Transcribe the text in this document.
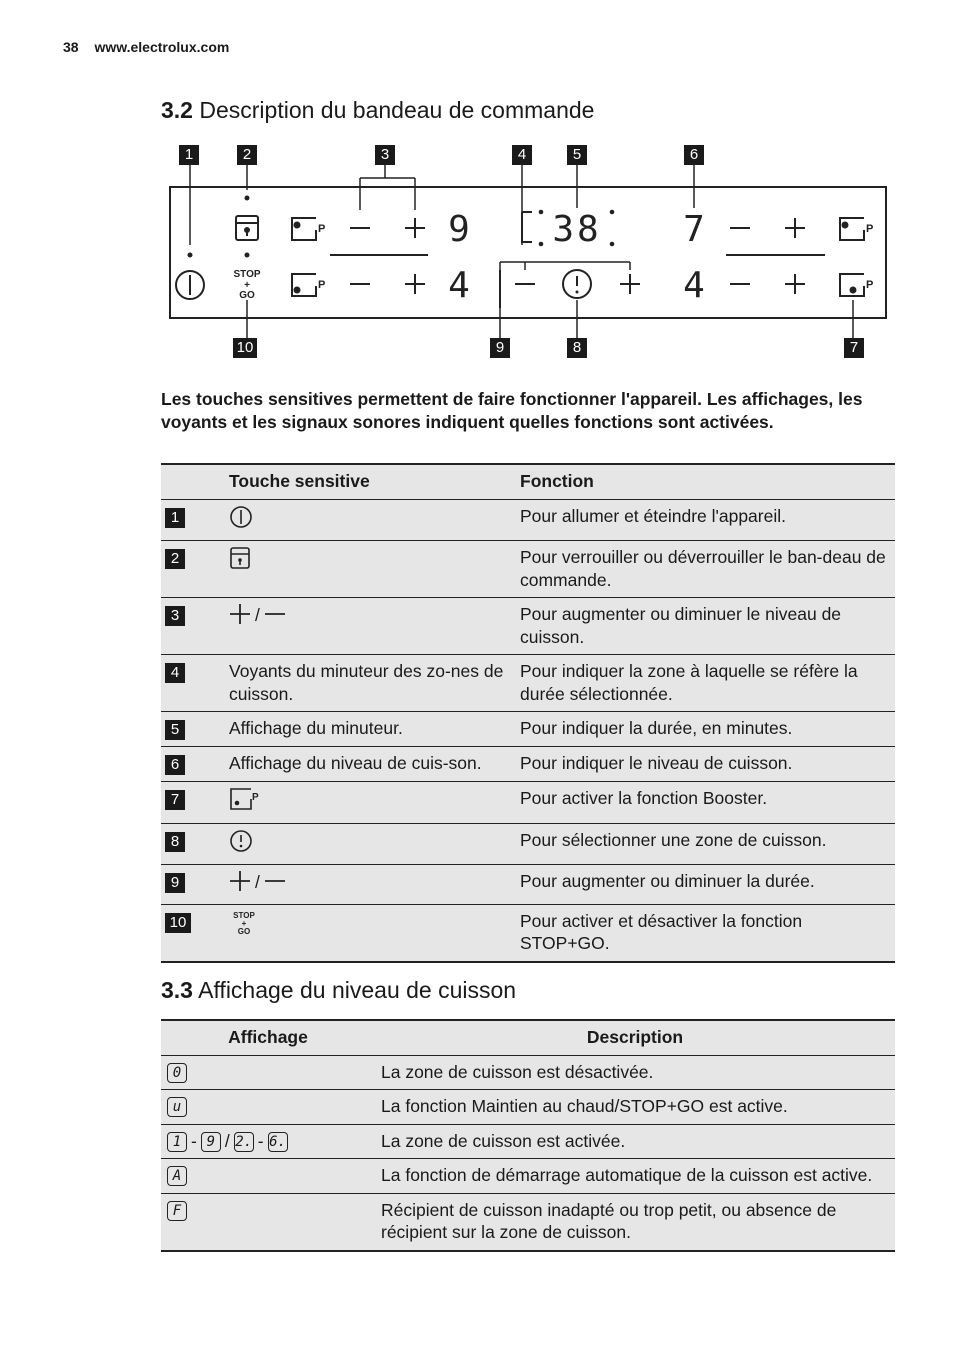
38 www.electrolux.com
3.2 Description du bandeau de commande
1	2	3	4	5	6
10	9	8	7
STOP
+
GO
P
P
P
P
9
4
38 7
4
Les touches sensitives permettent de faire fonctionner l'appareil. Les affichages, les voyants et les signaux sonores indiquent quelles fonctions sont activées.
	Touche sensitive	Fonction
1		Pour allumer et éteindre l'appareil.
2		Pour verrouiller ou déverrouiller le ban-deau de commande.
3	/	Pour augmenter ou diminuer le niveau de cuisson.
4	Voyants du minuteur des zo-nes de cuisson.	Pour indiquer la zone à laquelle se réfère la durée sélectionnée.
5	Affichage du minuteur.	Pour indiquer la durée, en minutes.
6	Affichage du niveau de cuis-son.	Pour indiquer le niveau de cuisson.
7	P	Pour activer la fonction Booster.
8		Pour sélectionner une zone de cuisson.
9	/	Pour augmenter ou diminuer la durée.
10	STOP
+
GO	Pour activer et désactiver la fonction STOP+GO.
3.3 Affichage du niveau de cuisson
Affichage	Description
0	La zone de cuisson est désactivée.
u	La fonction Maintien au chaud/STOP+GO est active.
1 - 9 / 2. - 6.	La zone de cuisson est activée.
A	La fonction de démarrage automatique de la cuisson est active.
F	Récipient de cuisson inadapté ou trop petit, ou absence de récipient sur la zone de cuisson.
